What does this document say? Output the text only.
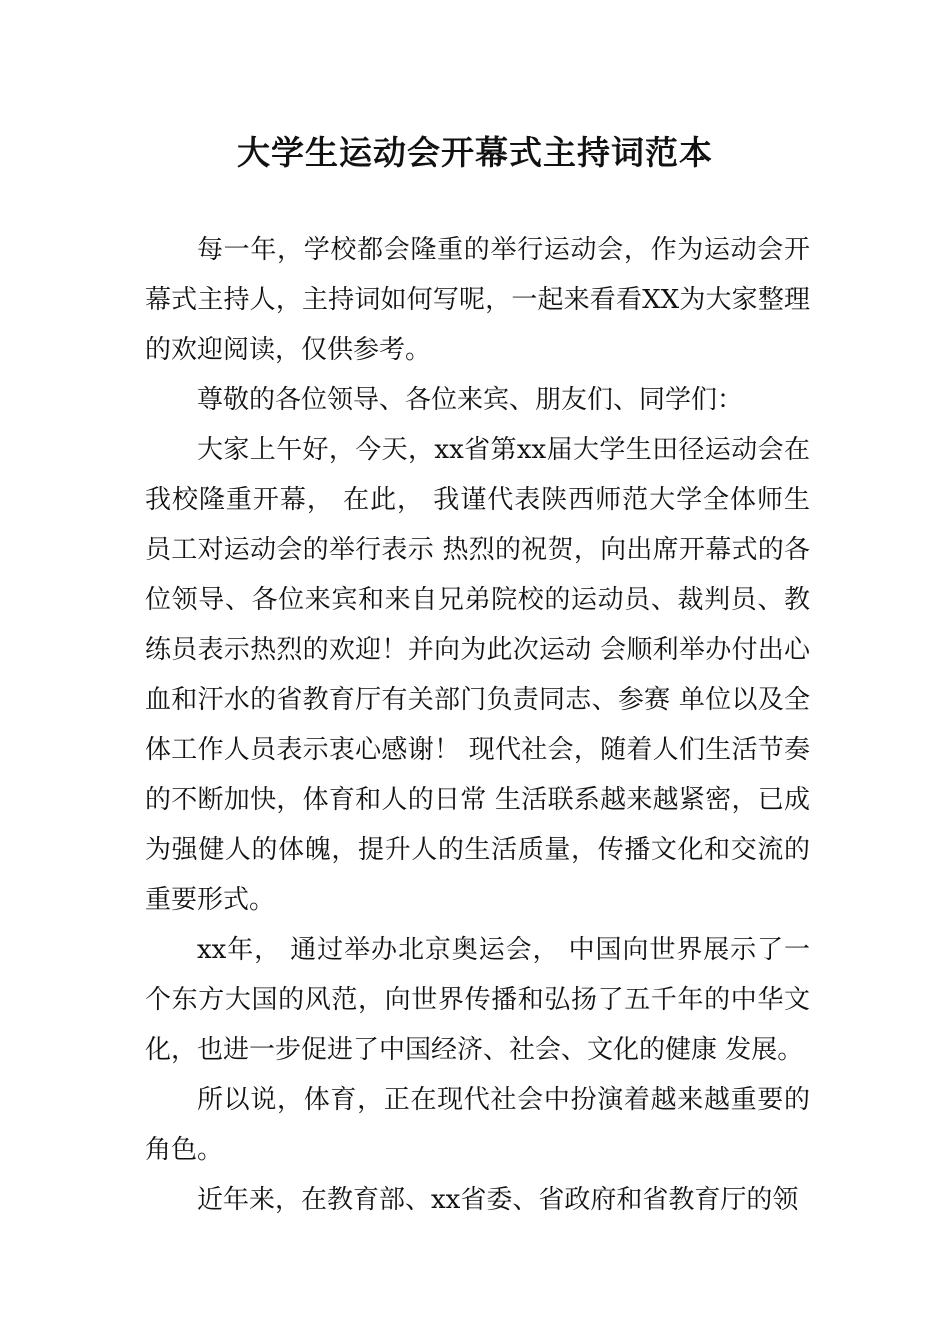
大学生运动会开幕式主持词范本

每一年，学校都会隆重的举行运动会，作为运动会开幕式主持人，主持词如何写呢，一起来看看XX为大家整理的欢迎阅读，仅供参考。

尊敬的各位领导、各位来宾、朋友们、同学们：

大家上午好，今天，xx省第xx届大学生田径运动会在我校隆重开幕， 在此， 我谨代表陕西师范大学全体师生员工对运动会的举行表示 热烈的祝贺，向出席开幕式的各位领导、各位来宾和来自兄弟院校的运动员、裁判员、教练员表示热烈的欢迎！并向为此次运动 会顺利举办付出心血和汗水的省教育厅有关部门负责同志、参赛 单位以及全体工作人员表示衷心感谢！ 现代社会，随着人们生活节奏的不断加快，体育和人的日常 生活联系越来越紧密，已成为强健人的体魄，提升人的生活质量，传播文化和交流的重要形式。

xx年， 通过举办北京奥运会， 中国向世界展示了一个东方大国的风范，向世界传播和弘扬了五千年的中华文化，也进一步促进了中国经济、社会、文化的健康 发展。

所以说，体育，正在现代社会中扮演着越来越重要的角色。

近年来，在教育部、xx省委、省政府和省教育厅的领
